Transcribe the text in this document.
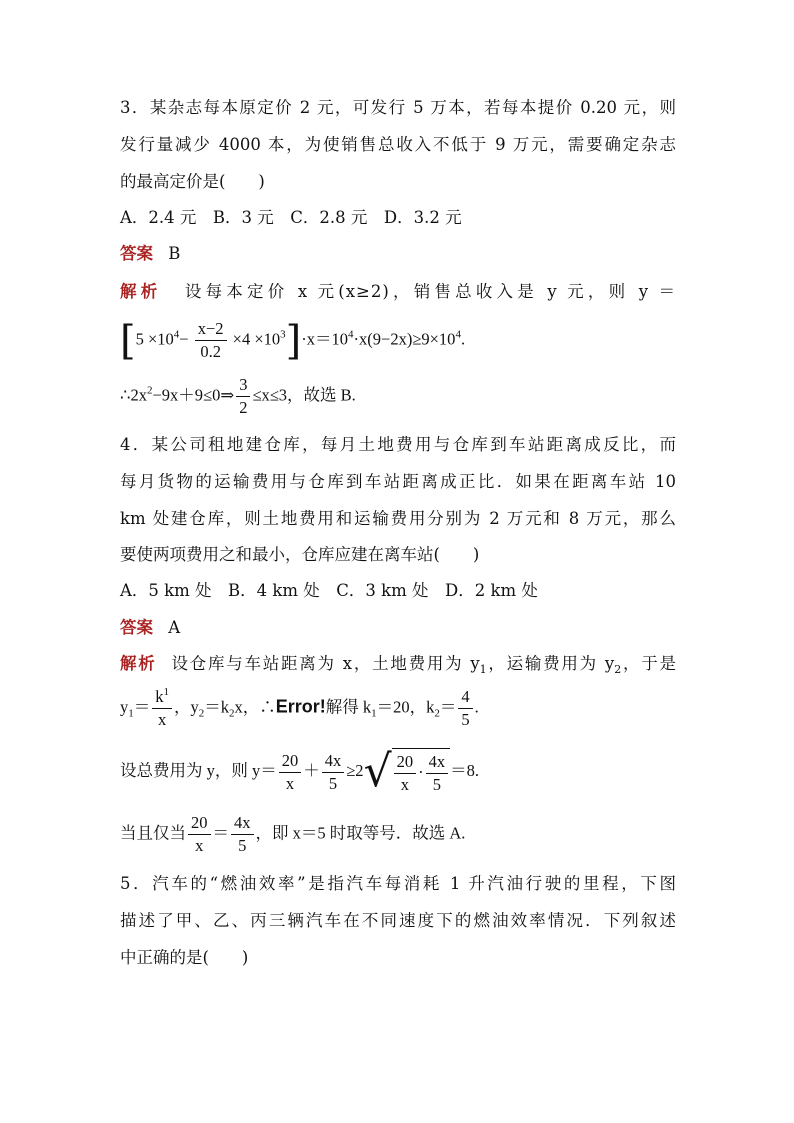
3．某杂志每本原定价 2 元，可发行 5 万本，若每本提价 0.20 元，则
发行量减少 4000 本，为使销售总收入不低于 9 万元，需要确定杂志
的最高定价是(　　)
A．2.4 元　B．3 元　C．2.8 元　D．3.2 元
答案 B
解析 设每本定价 x 元(x≥2)，销售总收入是 y 元，则 y ＝
$[5 \times 10^4- \frac{x-2}{0.2} \times 4 \times 10^3]\cdot x=10^4\cdot x(9-2x)\ge 9\times 10^4$.
$\therefore 2x^2-9x+9\le 0\Rightarrow \frac{3}{2} \le x\le 3$，故选 B.
4．某公司租地建仓库，每月土地费用与仓库到车站距离成反比，而
每月货物的运输费用与仓库到车站距离成正比．如果在距离车站 10
km 处建仓库，则土地费用和运输费用分别为 2 万元和 8 万元，那么
要使两项费用之和最小，仓库应建在离车站(　　)
A．5 km 处　B．4 km 处　C．3 km 处　D．2 km 处
答案 A
解析 设仓库与车站距离为 x，土地费用为 $y_1$，运输费用为 $y_2$，于是
$y_1= \frac{k^1}{x}$ ，$y_2=k_2x$，∴Error!解得 $k_1=20$，$k_2= \frac{4}{5}$ .
设总费用为 y，则 $y= \frac{20}{x} + \frac{4x}{5} \ge 2√ \frac{20}{x} \cdot \frac{4x}{5} =8$.
当且仅当 $\frac{20}{x} = \frac{4x}{5}$ ，即 x＝5 时取等号．故选 A.
5．汽车的“燃油效率”是指汽车每消耗 1 升汽油行驶的里程，下图
描述了甲、乙、丙三辆汽车在不同速度下的燃油效率情况．下列叙述
中正确的是(　　)
